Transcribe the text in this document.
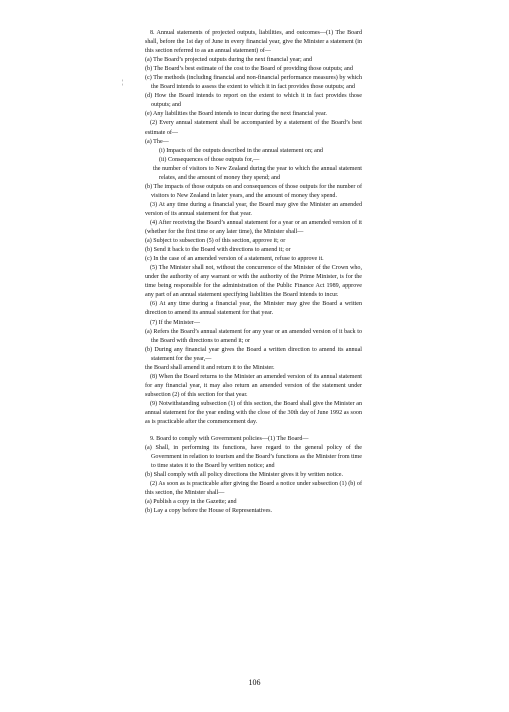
¦

8. Annual statements of projected outputs, liabilities, and outcomes—(1) The Board shall, before the 1st day of June in every financial year, give the Minister a statement (in this section referred to as an annual statement) of—

(a) The Board’s projected outputs during the next financial year; and

(b) The Board’s best estimate of the cost to the Board of providing those outputs; and

(c) The methods (including financial and non-financial performance measures) by which the Board intends to assess the extent to which it in fact provides those outputs; and

(d) How the Board intends to report on the extent to which it in fact provides those outputs; and

(e) Any liabilities the Board intends to incur during the next financial year.

(2) Every annual statement shall be accompanied by a statement of the Board’s best estimate of—

(a) The—

(i) Impacts of the outputs described in the annual statement on; and

(ii) Consequences of those outputs for,—

the number of visitors to New Zealand during the year to which the annual statement relates, and the amount of money they spend; and

(b) The impacts of those outputs on and consequences of those outputs for the number of visitors to New Zealand in later years, and the amount of money they spend.

(3) At any time during a financial year, the Board may give the Minister an amended version of its annual statement for that year.

(4) After receiving the Board’s annual statement for a year or an amended version of it (whether for the first time or any later time), the Minister shall—

(a) Subject to subsection (5) of this section, approve it; or

(b) Send it back to the Board with directions to amend it; or

(c) In the case of an amended version of a statement, refuse to approve it.

(5) The Minister shall not, without the concurrence of the Minister of the Crown who, under the authority of any warrant or with the authority of the Prime Minister, is for the time being responsible for the administration of the Public Finance Act 1989, approve any part of an annual statement specifying liabilities the Board intends to incur.

(6) At any time during a financial year, the Minister may give the Board a written direction to amend its annual statement for that year.

(7) If the Minister—

(a) Refers the Board’s annual statement for any year or an amended version of it back to the Board with directions to amend it; or

(b) During any financial year gives the Board a written direction to amend its annual statement for the year,—

the Board shall amend it and return it to the Minister.

(8) When the Board returns to the Minister an amended version of its annual statement for any financial year, it may also return an amended version of the statement under subsection (2) of this section for that year.

(9) Notwithstanding subsection (1) of this section, the Board shall give the Minister an annual statement for the year ending with the close of the 30th day of June 1992 as soon as is practicable after the commencement day.

9. Board to comply with Government policies—(1) The Board—

(a) Shall, in performing its functions, have regard to the general policy of the Government in relation to tourism and the Board’s functions as the Minister from time to time states it to the Board by written notice; and

(b) Shall comply with all policy directions the Minister gives it by written notice.

(2) As soon as is practicable after giving the Board a notice under subsection (1) (b) of this section, the Minister shall—

(a) Publish a copy in the Gazette; and

(b) Lay a copy before the House of Representatives.

106
